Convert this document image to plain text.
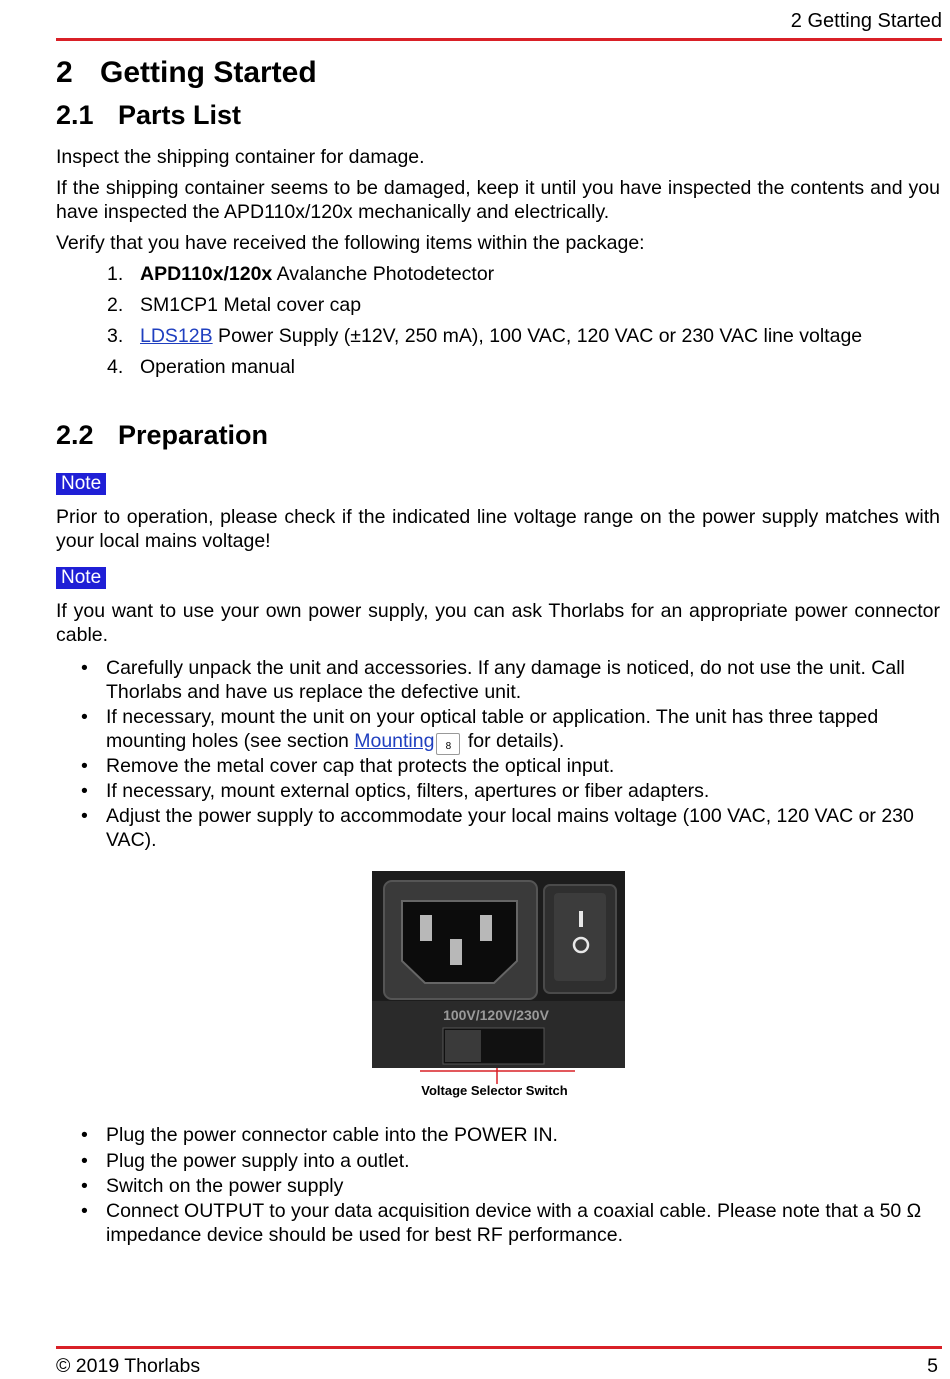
2 Getting Started
2 Getting Started
2.1 Parts List

Inspect the shipping container for damage.

If the shipping container seems to be damaged, keep it until you have inspected the contents and you have inspected the APD110x/120x mechanically and electrically.

Verify that you have received the following items within the package:

1. APD110x/120x Avalanche Photodetector
2. SM1CP1 Metal cover cap
3. LDS12B Power Supply (±12V, 250 mA), 100 VAC, 120 VAC or 230 VAC line voltage
4. Operation manual
2.2 Preparation
Note

Prior to operation, please check if the indicated line voltage range on the power supply matches with your local mains voltage!

Note

If you want to use your own power supply, you can ask Thorlabs for an appropriate power connector cable.

• Carefully unpack the unit and accessories. If any damage is noticed, do not use the unit. Call Thorlabs and have us replace the defective unit.
• If necessary, mount the unit on your optical table or application. The unit has three tapped mounting holes (see section Mounting 8 for details).
• Remove the metal cover cap that protects the optical input.
• If necessary, mount external optics, filters, apertures or fiber adapters.
• Adjust the power supply to accommodate your local mains voltage (100 VAC, 120 VAC or 230 VAC).
• Plug the power connector cable into the POWER IN.
• Plug the power supply into a outlet.
• Switch on the power supply
• Connect OUTPUT to your data acquisition device with a coaxial cable. Please note that a 50 Ω impedance device should be used for best RF performance.
100V/120V/230V
Voltage Selector Switch
© 2019 Thorlabs	5
